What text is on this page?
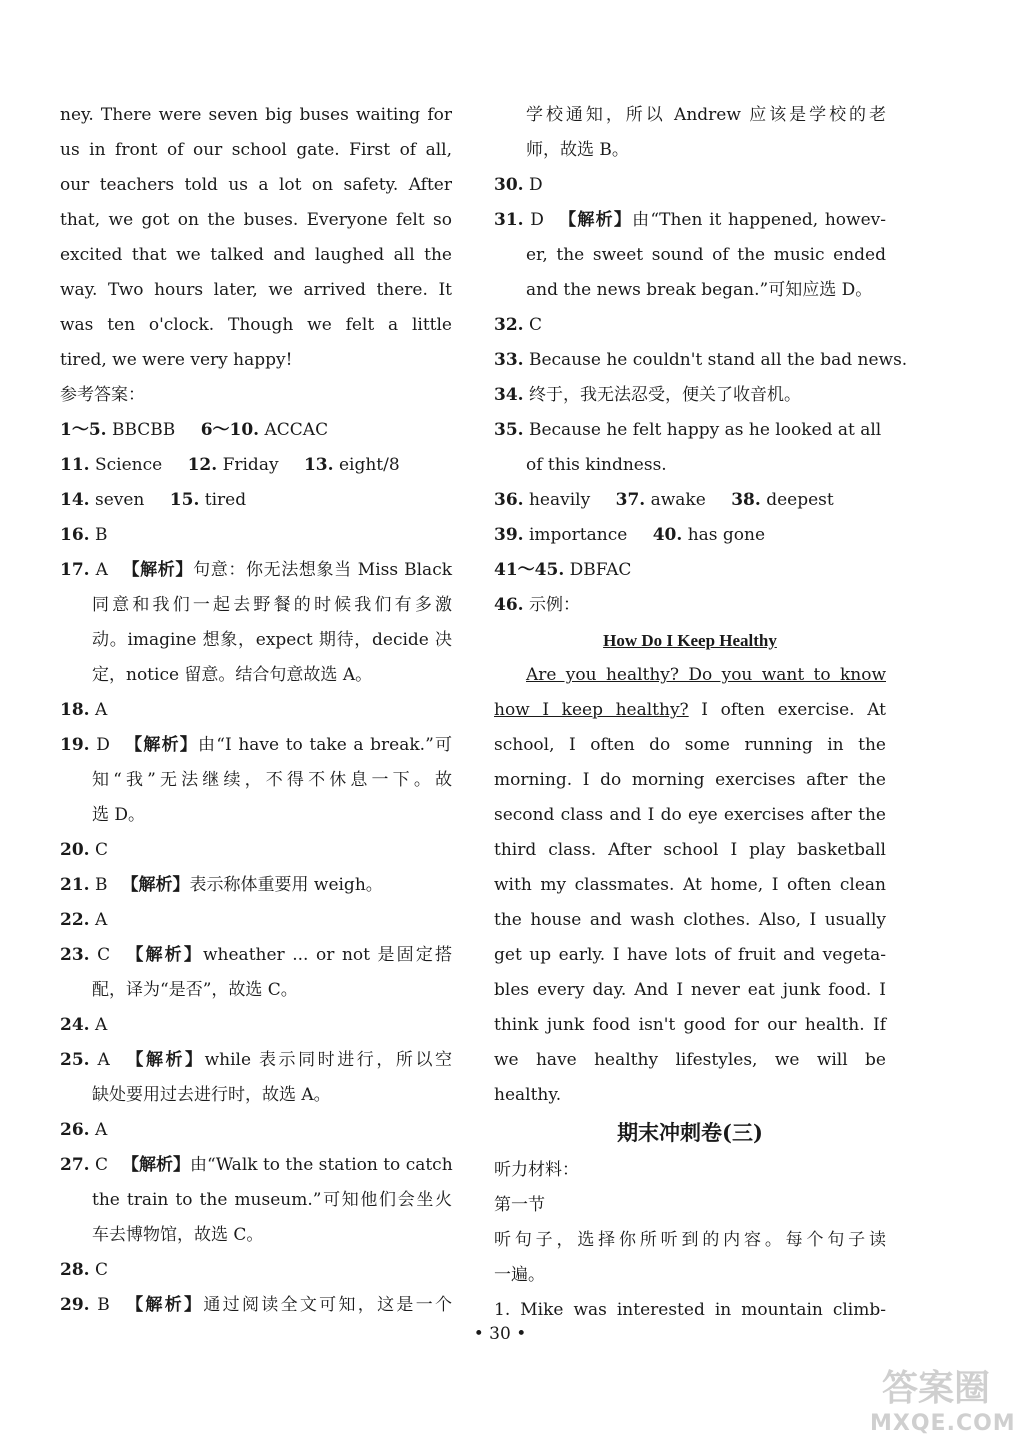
ney. There were seven big buses waiting for
us in front of our school gate. First of all,
our teachers told us a lot on safety. After
that, we got on the buses. Everyone felt so
excited that we talked and laughed all the
way. Two hours later, we arrived there. It
was ten o'clock. Though we felt a little
tired, we were very happy!
参考答案：
1～5. BBCBB 6～10. ACCAC
11. Science 12. Friday 13. eight/8
14. seven 15. tired
16. B
17. A 【解析】句意：你无法想象当 Miss Black
同意和我们一起去野餐的时候我们有多激
动。imagine 想象，expect 期待，decide 决
定，notice 留意。结合句意故选 A。
18. A
19. D 【解析】由“I have to take a break.”可
知“我”无法继续，不得不休息一下。故
选 D。
20. C
21. B 【解析】表示称体重要用 weigh。
22. A
23. C 【解析】wheather ... or not 是固定搭
配，译为“是否”，故选 C。
24. A
25. A 【解析】while 表示同时进行，所以空
缺处要用过去进行时，故选 A。
26. A
27. C 【解析】由“Walk to the station to catch
the train to the museum.”可知他们会坐火
车去博物馆，故选 C。
28. C
29. B 【解析】通过阅读全文可知，这是一个
学校通知，所以 Andrew 应该是学校的老
师，故选 B。
30. D
31. D 【解析】由“Then it happened, howev-
er, the sweet sound of the music ended
and the news break began.”可知应选 D。
32. C
33. Because he couldn't stand all the bad news.
34. 终于，我无法忍受，便关了收音机。
35. Because he felt happy as he looked at all
of this kindness.
36. heavily 37. awake 38. deepest
39. importance 40. has gone
41～45. DBFAC
46. 示例：
How Do I Keep Healthy
Are you healthy? Do you want to know
how I keep healthy? I often exercise. At
school, I often do some running in the
morning. I do morning exercises after the
second class and I do eye exercises after the
third class. After school I play basketball
with my classmates. At home, I often clean
the house and wash clothes. Also, I usually
get up early. I have lots of fruit and vegeta-
bles every day. And I never eat junk food. I
think junk food isn't good for our health. If
we have healthy lifestyles, we will be
healthy.
期末冲刺卷(三)
听力材料：
第一节
听句子，选择你所听到的内容。每个句子读
一遍。
1. Mike was interested in mountain climb-
• 30 •
答案圈
MXQE.COM
